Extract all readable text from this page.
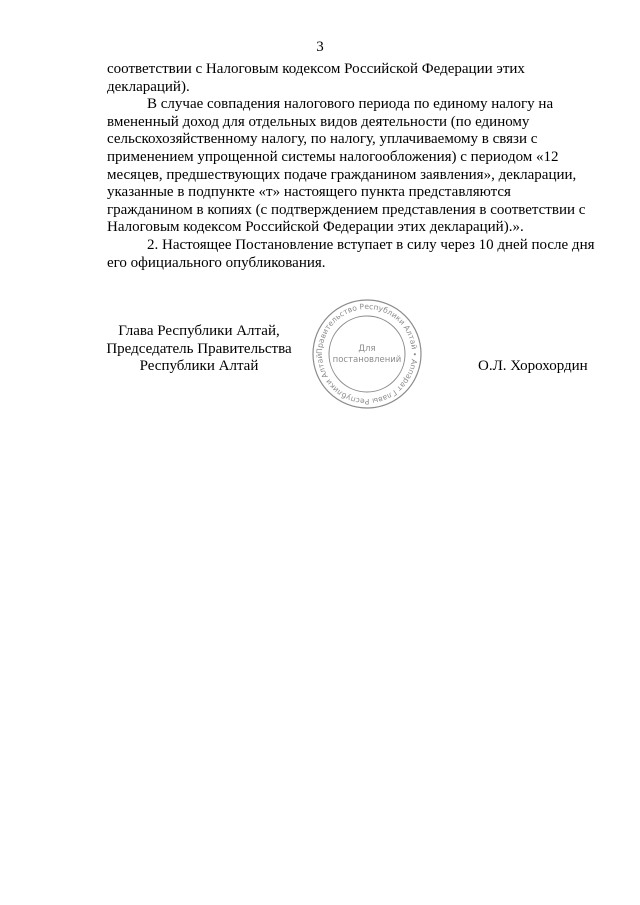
3
соответствии с Налоговым кодексом Российской Федерации этих
деклараций).
В случае совпадения налогового периода по единому налогу на
вмененный доход для отдельных видов деятельности (по единому
сельскохозяйственному налогу, по налогу, уплачиваемому в связи с
применением упрощенной системы налогообложения) с периодом «12
месяцев, предшествующих подаче гражданином заявления», декларации,
указанные в подпункте «т» настоящего пункта представляются
гражданином в копиях (с подтверждением представления в соответствии с
Налоговым кодексом Российской Федерации этих деклараций).».
2. Настоящее Постановление вступает в силу через 10 дней после дня
его официального опубликования.
Глава Республики Алтай,
Председатель Правительства
Республики Алтай
Правительство Республики Алтай • Аппарат Главы Республики Алтай
Для
постановлений	О.Л. Хорохордин
